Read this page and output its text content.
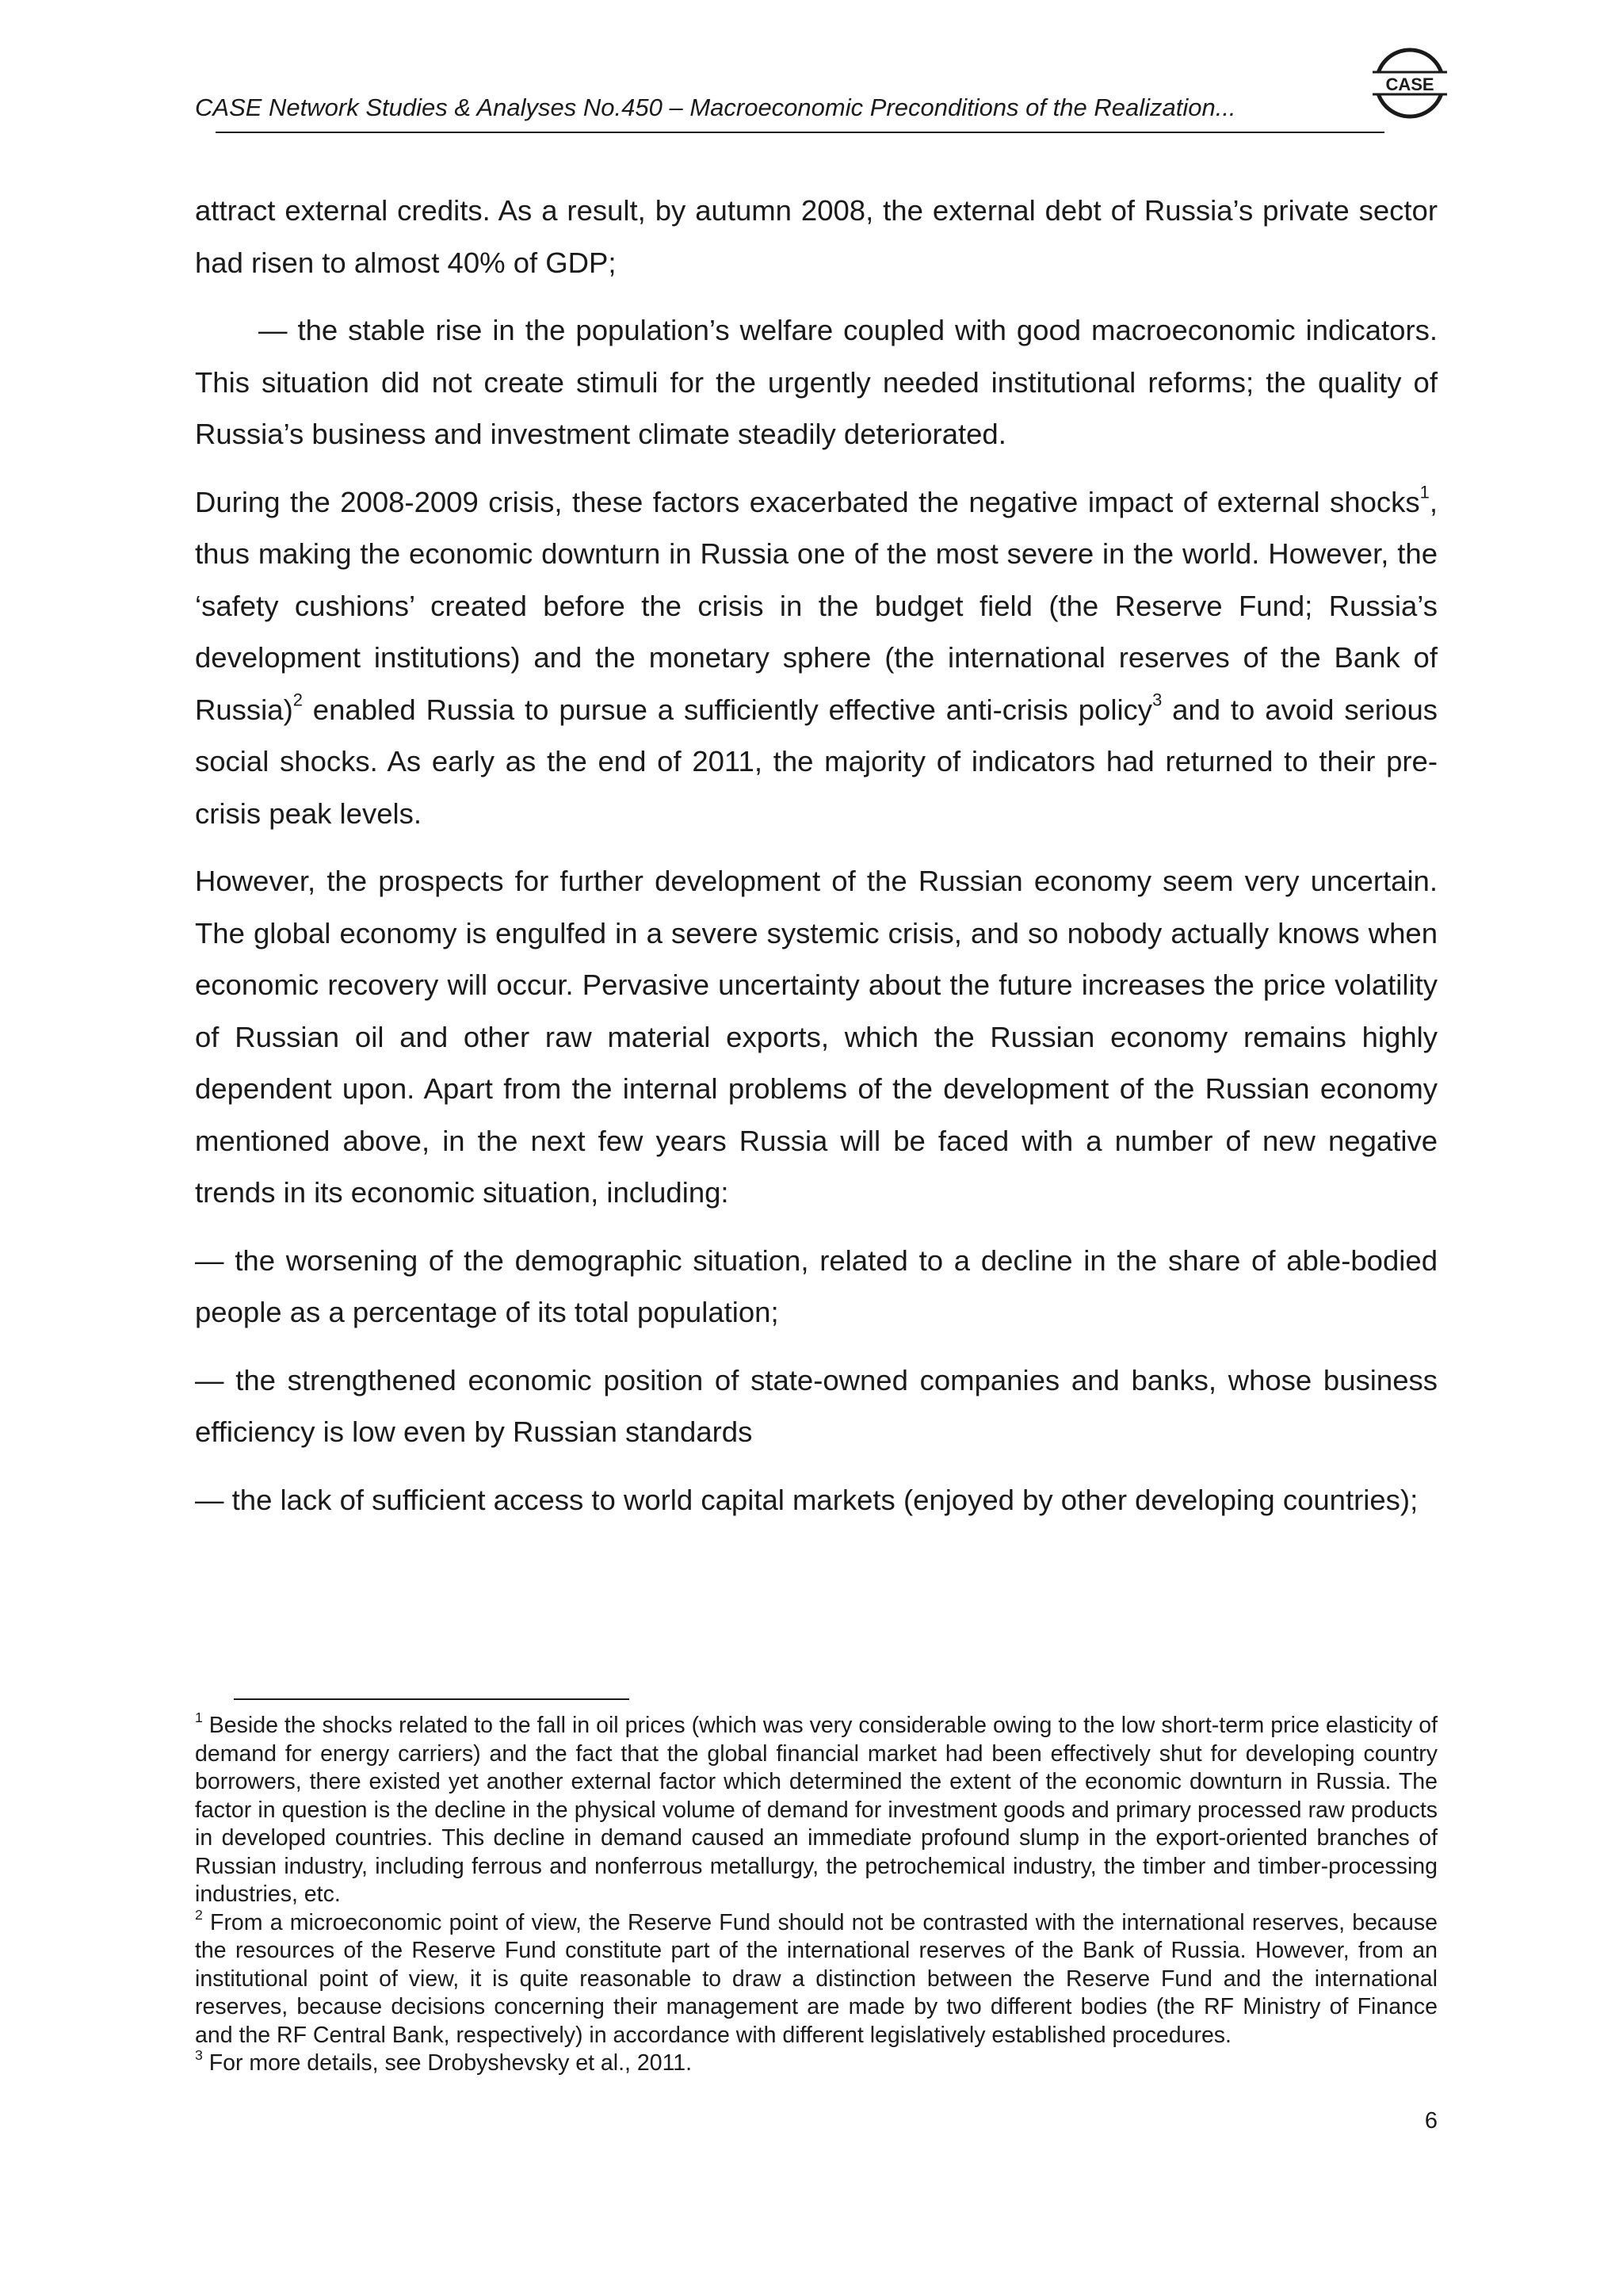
CASE Network Studies & Analyses No.450 – Macroeconomic Preconditions of the Realization...
CASE

attract external credits. As a result, by autumn 2008, the external debt of Russia’s private sector had risen to almost 40% of GDP;

— the stable rise in the population’s welfare coupled with good macroeconomic indicators. This situation did not create stimuli for the urgently needed institutional reforms; the quality of Russia’s business and investment climate steadily deteriorated.

During the 2008-2009 crisis, these factors exacerbated the negative impact of external shocks$^1$, thus making the economic downturn in Russia one of the most severe in the world. However, the ‘safety cushions’ created before the crisis in the budget field (the Reserve Fund; Russia’s development institutions) and the monetary sphere (the international reserves of the Bank of Russia)$^2$ enabled Russia to pursue a sufficiently effective anti-crisis policy$^3$ and to avoid serious social shocks. As early as the end of 2011, the majority of indicators had returned to their pre-crisis peak levels.

However, the prospects for further development of the Russian economy seem very uncertain. The global economy is engulfed in a severe systemic crisis, and so nobody actually knows when economic recovery will occur. Pervasive uncertainty about the future increases the price volatility of Russian oil and other raw material exports, which the Russian economy remains highly dependent upon. Apart from the internal problems of the development of the Russian economy mentioned above, in the next few years Russia will be faced with a number of new negative trends in its economic situation, including:

— the worsening of the demographic situation, related to a decline in the share of able-bodied people as a percentage of its total population;

— the strengthened economic position of state-owned companies and banks, whose business efficiency is low even by Russian standards

— the lack of sufficient access to world capital markets (enjoyed by other developing countries);

$^1$ Beside the shocks related to the fall in oil prices (which was very considerable owing to the low short-term price elasticity of demand for energy carriers) and the fact that the global financial market had been effectively shut for developing country borrowers, there existed yet another external factor which determined the extent of the economic downturn in Russia. The factor in question is the decline in the physical volume of demand for investment goods and primary processed raw products in developed countries. This decline in demand caused an immediate profound slump in the export-oriented branches of Russian industry, including ferrous and nonferrous metallurgy, the petrochemical industry, the timber and timber-processing industries, etc.

$^2$ From a microeconomic point of view, the Reserve Fund should not be contrasted with the international reserves, because the resources of the Reserve Fund constitute part of the international reserves of the Bank of Russia. However, from an institutional point of view, it is quite reasonable to draw a distinction between the Reserve Fund and the international reserves, because decisions concerning their management are made by two different bodies (the RF Ministry of Finance and the RF Central Bank, respectively) in accordance with different legislatively established procedures.

$^3$ For more details, see Drobyshevsky et al., 2011.

6
